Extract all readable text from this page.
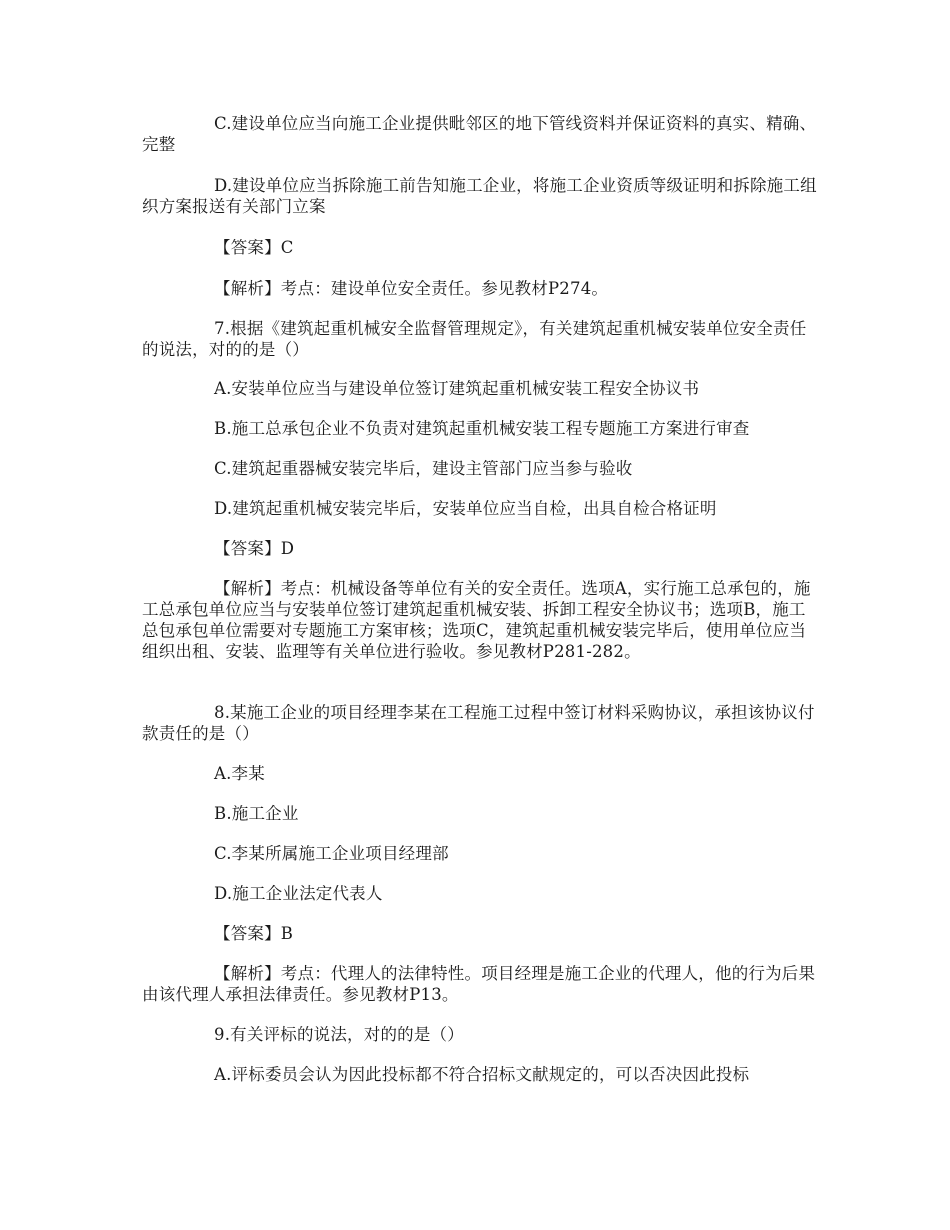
C.建设单位应当向施工企业提供毗邻区的地下管线资料并保证资料的真实、精确、完整

D.建设单位应当拆除施工前告知施工企业，将施工企业资质等级证明和拆除施工组织方案报送有关部门立案

【答案】C

【解析】考点：建设单位安全责任。参见教材P274。

7.根据《建筑起重机械安全监督管理规定》，有关建筑起重机械安装单位安全责任的说法，对的的是（）

A.安装单位应当与建设单位签订建筑起重机械安装工程安全协议书

B.施工总承包企业不负责对建筑起重机械安装工程专题施工方案进行审查

C.建筑起重器械安装完毕后，建设主管部门应当参与验收

D.建筑起重机械安装完毕后，安装单位应当自检，出具自检合格证明

【答案】D

【解析】考点：机械设备等单位有关的安全责任。选项A，实行施工总承包的，施工总承包单位应当与安装单位签订建筑起重机械安装、拆卸工程安全协议书；选项B，施工总包承包单位需要对专题施工方案审核；选项C，建筑起重机械安装完毕后，使用单位应当组织出租、安装、监理等有关单位进行验收。参见教材P281-282。

8.某施工企业的项目经理李某在工程施工过程中签订材料采购协议，承担该协议付款责任的是（）

A.李某

B.施工企业

C.李某所属施工企业项目经理部

D.施工企业法定代表人

【答案】B

【解析】考点：代理人的法律特性。项目经理是施工企业的代理人，他的行为后果由该代理人承担法律责任。参见教材P13。

9.有关评标的说法，对的的是（）

A.评标委员会认为因此投标都不符合招标文献规定的，可以否决因此投标
